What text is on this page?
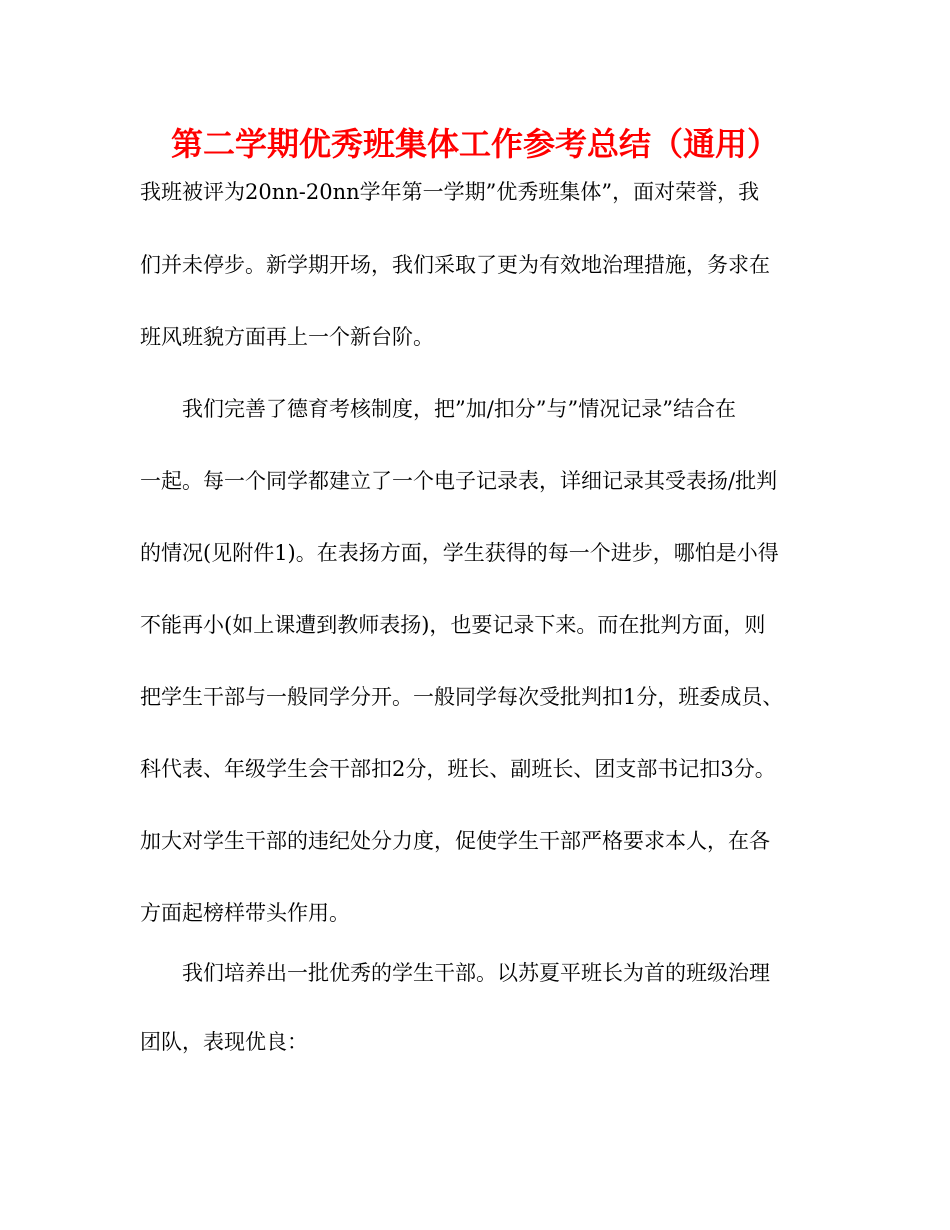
第二学期优秀班集体工作参考总结（通用）

我班被评为20nn-20nn学年第一学期”优秀班集体”，面对荣誉，我

们并未停步。新学期开场，我们采取了更为有效地治理措施，务求在

班风班貌方面再上一个新台阶。

我们完善了德育考核制度，把”加/扣分”与”情况记录”结合在

一起。每一个同学都建立了一个电子记录表，详细记录其受表扬/批判

的情况(见附件1)。在表扬方面，学生获得的每一个进步，哪怕是小得

不能再小(如上课遭到教师表扬)，也要记录下来。而在批判方面，则

把学生干部与一般同学分开。一般同学每次受批判扣1分，班委成员、

科代表、年级学生会干部扣2分，班长、副班长、团支部书记扣3分。

加大对学生干部的违纪处分力度，促使学生干部严格要求本人，在各

方面起榜样带头作用。

我们培养出一批优秀的学生干部。以苏夏平班长为首的班级治理

团队，表现优良：
